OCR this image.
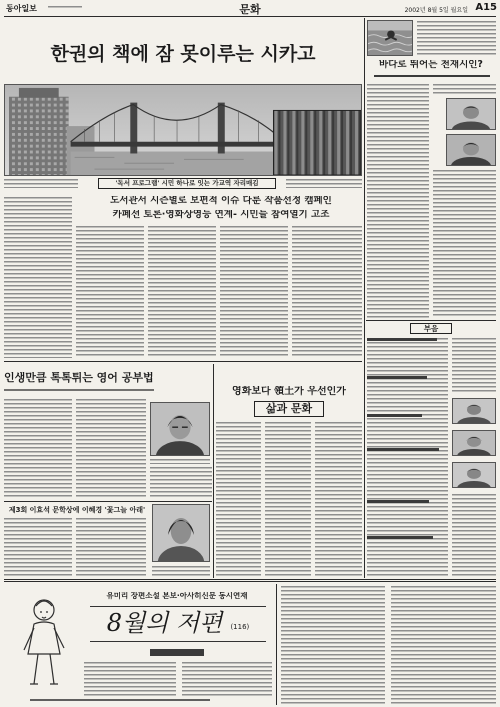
동아일보	문화	2002년 8월 5일 월요일 A15
한권의 책에 잠 못이루는 시카고
'독서 프로그램' 시민 하나로 잇는 가교역 자리매김
도서관서 시즌별로 보편적 이슈 다룬 작품선정 캠페인
카페선 토론·영화상영등 연계- 시민들 참여열기 고조
바다로 뛰어든 천재시인?
부음
인생만큼 톡톡튀는 영어 공부법
제3회 이효석 문학상에 이혜경 '꽃그늘 아래'
영화보다 領土가 우선인가
삶과 문화
유미리 장편소설 본보·아사히신문 동시연재
8월의 저편 (116)
